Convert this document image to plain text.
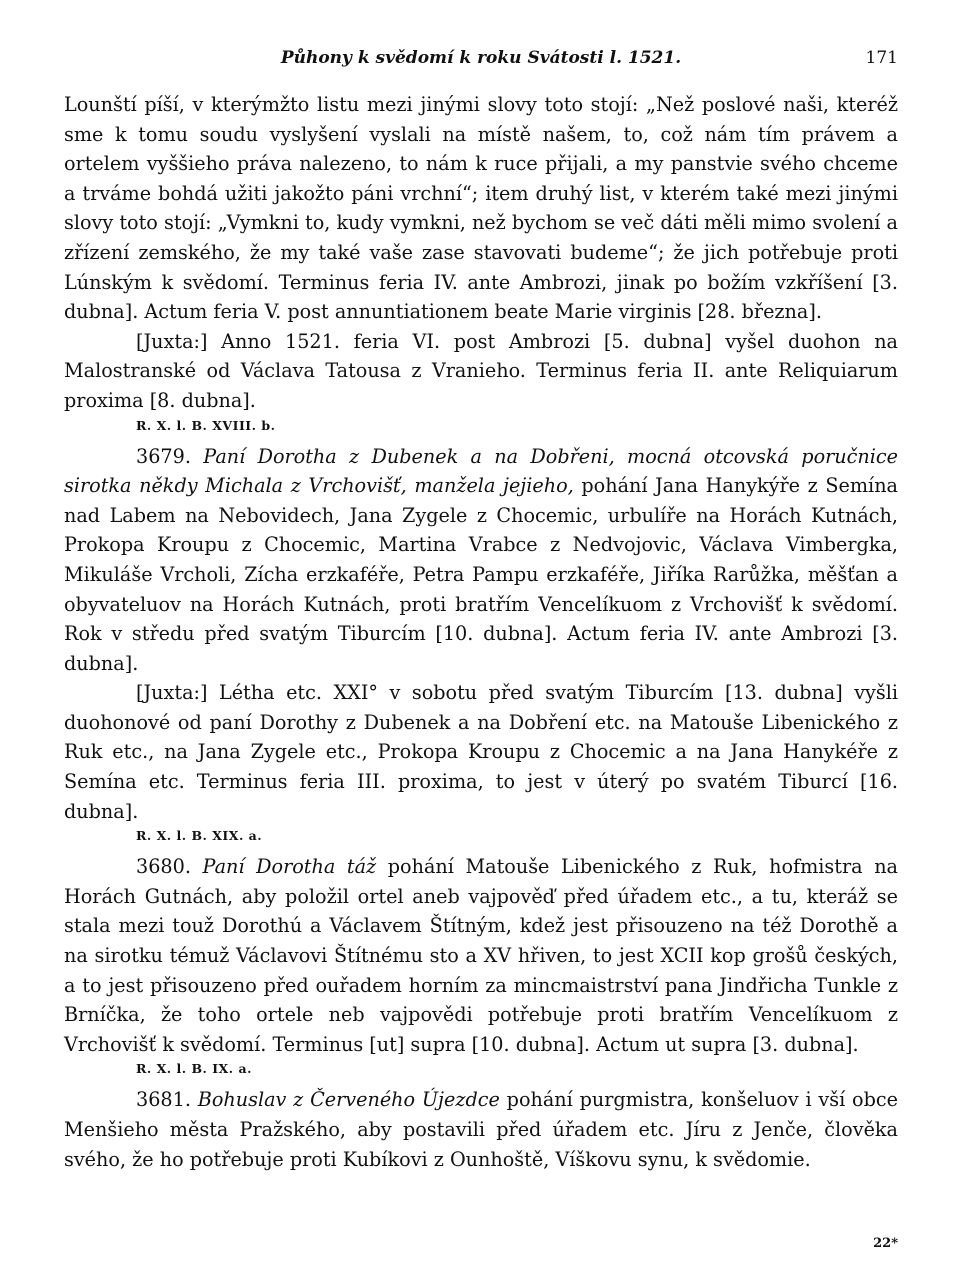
Půhony k svědomí k roku Svátosti l. 1521.	171

Lounští píší, v kterýmžto listu mezi jinými slovy toto stojí: „Než poslové naši, kteréž sme k tomu soudu vyslyšení vyslali na místě našem, to, což nám tím právem a ortelem vyššieho práva nalezeno, to nám k ruce přijali, a my panstvie svého chceme a trváme bohdá užiti jakožto páni vrchní“; item druhý list, v kterém také mezi jinými slovy toto stojí: „Vymkni to, kudy vymkni, než bychom se več dáti měli mimo svolení a zřízení zemského, že my také vaše zase stavovati budeme“; že jich potřebuje proti Lúnským k svědomí. Terminus feria IV. ante Ambrozi, jinak po božím vzkříšení [3. dubna]. Actum feria V. post annuntiationem beate Marie virginis [28. března].

[Juxta:] Anno 1521. feria VI. post Ambrozi [5. dubna] vyšel duohon na Malostranské od Václava Tatousa z Vranieho. Terminus feria II. ante Reliquiarum proxima [8. dubna].

R. X. l. B. XVIII. b.

3679. Paní Dorotha z Dubenek a na Dobřeni, mocná otcovská poručnice sirotka někdy Michala z Vrchovišť, manžela jejieho, pohání Jana Hanykýře z Semína nad Labem na Nebovidech, Jana Zygele z Chocemic, urbulíře na Horách Kutnách, Prokopa Kroupu z Chocemic, Martina Vrabce z Nedvojovic, Václava Vimbergka, Mikuláše Vrcholi, Zícha erzkaféře, Petra Pampu erzkaféře, Jiříka Rarůžka, měšťan a obyvateluov na Horách Kutnách, proti bratřím Vencelíkuom z Vrchovišť k svědomí. Rok v středu před svatým Tiburcím [10. dubna]. Actum feria IV. ante Ambrozi [3. dubna].

[Juxta:] Létha etc. XXI° v sobotu před svatým Tiburcím [13. dubna] vyšli duohonové od paní Dorothy z Dubenek a na Dobření etc. na Matouše Libenického z Ruk etc., na Jana Zygele etc., Prokopa Kroupu z Chocemic a na Jana Hanykéře z Semína etc. Terminus feria III. proxima, to jest v úterý po svatém Tiburcí [16. dubna].

R. X. l. B. XIX. a.

3680. Paní Dorotha táž pohání Matouše Libenického z Ruk, hofmistra na Horách Gutnách, aby položil ortel aneb vajpověď před úřadem etc., a tu, kteráž se stala mezi touž Dorothú a Václavem Štítným, kdež jest přisouzeno na též Dorothě a na sirotku témuž Václavovi Štítnému sto a XV hřiven, to jest XCII kop grošů českých, a to jest přisouzeno před ouřadem horním za mincmaistrství pana Jindřicha Tunkle z Brníčka, že toho ortele neb vajpovědi potřebuje proti bratřím Vencelíkuom z Vrchovišť k svědomí. Terminus [ut] supra [10. dubna]. Actum ut supra [3. dubna].

R. X. l. B. IX. a.

3681. Bohuslav z Červeného Újezdce pohání purgmistra, konšeluov i vší obce Menšieho města Pražského, aby postavili před úřadem etc. Jíru z Jenče, člověka svého, že ho potřebuje proti Kubíkovi z Ounhoště, Víškovu synu, k svědomie.

22*
